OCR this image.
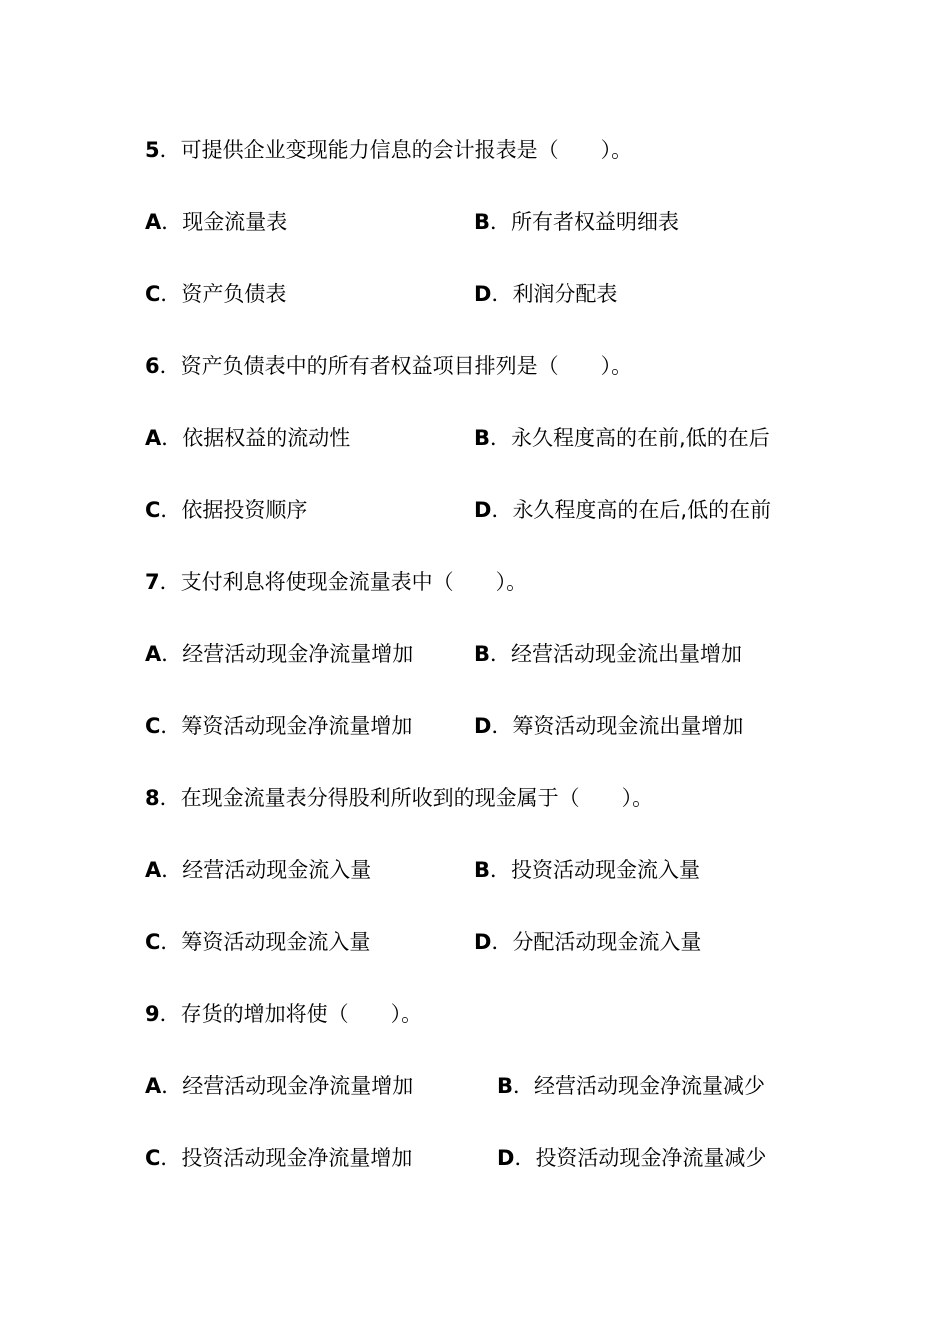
5．可提供企业变现能力信息的会计报表是（　　）。
A．现金流量表	B．所有者权益明细表
C．资产负债表	D．利润分配表
6．资产负债表中的所有者权益项目排列是（　　）。
A．依据权益的流动性	B．永久程度高的在前,低的在后
C．依据投资顺序	D．永久程度高的在后,低的在前
7．支付利息将使现金流量表中（　　）。
A．经营活动现金净流量增加	B．经营活动现金流出量增加
C．筹资活动现金净流量增加	D．筹资活动现金流出量增加
8．在现金流量表分得股利所收到的现金属于（　　）。
A．经营活动现金流入量	B．投资活动现金流入量
C．筹资活动现金流入量	D．分配活动现金流入量
9．存货的增加将使（　　）。
A．经营活动现金净流量增加	B．经营活动现金净流量减少
C．投资活动现金净流量增加	D．投资活动现金净流量减少
